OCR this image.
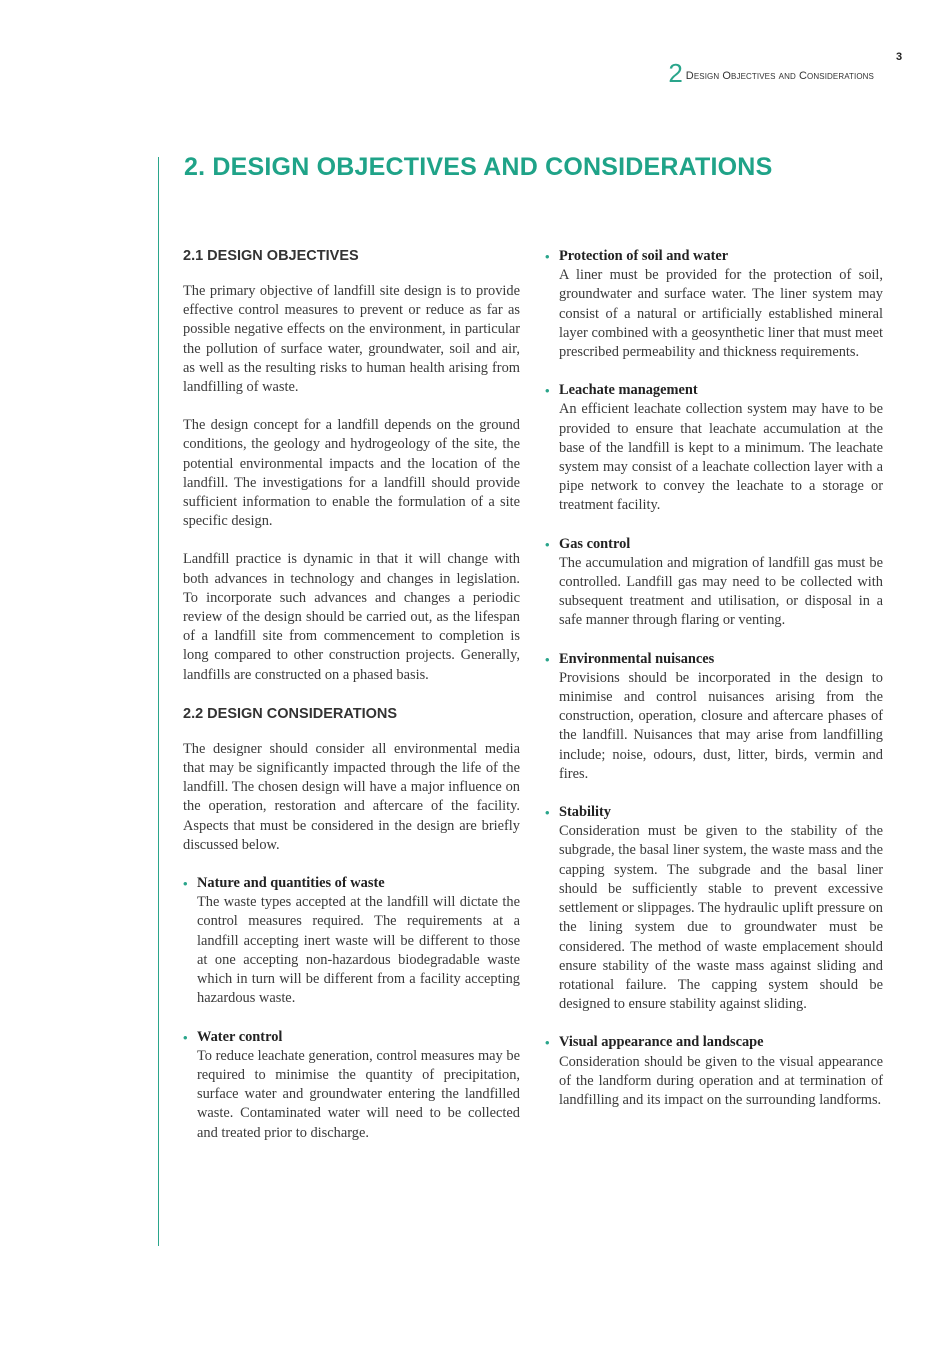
3
2 Design Objectives and Considerations
2. DESIGN OBJECTIVES AND CONSIDERATIONS
2.1 DESIGN OBJECTIVES

The primary objective of landfill site design is to provide effective control measures to prevent or reduce as far as possible negative effects on the environment, in particular the pollution of surface water, groundwater, soil and air, as well as the resulting risks to human health arising from landfilling of waste.

The design concept for a landfill depends on the ground conditions, the geology and hydrogeology of the site, the potential environmental impacts and the location of the landfill. The investigations for a landfill should provide sufficient information to enable the formulation of a site specific design.

Landfill practice is dynamic in that it will change with both advances in technology and changes in legislation. To incorporate such advances and changes a periodic review of the design should be carried out, as the lifespan of a landfill site from commencement to completion is long compared to other construction projects. Generally, landfills are constructed on a phased basis.

2.2 DESIGN CONSIDERATIONS

The designer should consider all environmental media that may be significantly impacted through the life of the landfill. The chosen design will have a major influence on the operation, restoration and aftercare of the facility. Aspects that must be considered in the design are briefly discussed below.

• Nature and quantities of waste
The waste types accepted at the landfill will dictate the control measures required. The requirements at a landfill accepting inert waste will be different to those at one accepting non-hazardous biodegradable waste which in turn will be different from a facility accepting hazardous waste.
• Water control
To reduce leachate generation, control measures may be required to minimise the quantity of precipitation, surface water and groundwater entering the landfilled waste. Contaminated water will need to be collected and treated prior to discharge.
• Protection of soil and water
A liner must be provided for the protection of soil, groundwater and surface water. The liner system may consist of a natural or artificially established mineral layer combined with a geosynthetic liner that must meet prescribed permeability and thickness requirements.
• Leachate management
An efficient leachate collection system may have to be provided to ensure that leachate accumulation at the base of the landfill is kept to a minimum. The leachate system may consist of a leachate collection layer with a pipe network to convey the leachate to a storage or treatment facility.
• Gas control
The accumulation and migration of landfill gas must be controlled. Landfill gas may need to be collected with subsequent treatment and utilisation, or disposal in a safe manner through flaring or venting.
• Environmental nuisances
Provisions should be incorporated in the design to minimise and control nuisances arising from the construction, operation, closure and aftercare phases of the landfill. Nuisances that may arise from landfilling include; noise, odours, dust, litter, birds, vermin and fires.
• Stability
Consideration must be given to the stability of the subgrade, the basal liner system, the waste mass and the capping system. The subgrade and the basal liner should be sufficiently stable to prevent excessive settlement or slippages. The hydraulic uplift pressure on the lining system due to groundwater must be considered. The method of waste emplacement should ensure stability of the waste mass against sliding and rotational failure. The capping system should be designed to ensure stability against sliding.
• Visual appearance and landscape
Consideration should be given to the visual appearance of the landform during operation and at termination of landfilling and its impact on the surrounding landforms.
